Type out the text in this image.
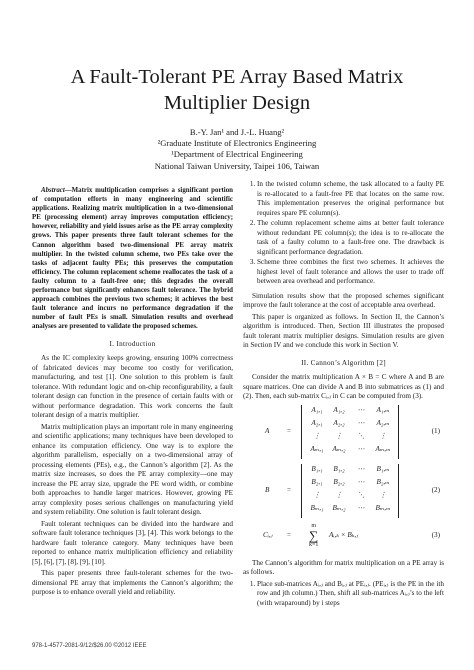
A Fault-Tolerant PE Array Based Matrix Multiplier Design
B.-Y. Jan¹ and J.-L. Huang²
²Graduate Institute of Electronics Engineering
¹Department of Electrical Engineering
National Taiwan University, Taipei 106, Taiwan

Abstract—Matrix multiplication comprises a significant portion of computation efforts in many engineering and scientific applications. Realizing matrix multiplication in a two-dimensional PE (processing element) array improves computation efficiency; however, reliability and yield issues arise as the PE array complexity grows. This paper presents three fault tolerant schemes for the Cannon algorithm based two-dimensional PE array matrix multiplier. In the twisted column scheme, two PEs take over the tasks of adjacent faulty PEs; this preserves the computation efficiency. The column replacement scheme reallocates the task of a faulty column to a fault-free one; this degrades the overall performance but significantly enhances fault tolerance. The hybrid approach combines the previous two schemes; it achieves the best fault tolerance and incurs no performance degradation if the number of fault PEs is small. Simulation results and overhead analyses are presented to validate the proposed schemes.

I. Introduction

As the IC complexity keeps growing, ensuring 100% correctness of fabricated devices may become too costly for verification, manufacturing, and test [1]. One solution to this problem is fault tolerance. With redundant logic and on-chip reconfigurability, a fault tolerant design can function in the presence of certain faults with or without performance degradation. This work concerns the fault tolerant design of a matrix multiplier.

Matrix multiplication plays an important role in many engineering and scientific applications; many techniques have been developed to enhance its computation efficiency. One way is to explore the algorithm parallelism, especially on a two-dimensional array of processing elements (PEs), e.g., the Cannon’s algorithm [2]. As the matrix size increases, so does the PE array complexity—one may increase the PE array size, upgrade the PE word width, or combine both approaches to handle larger matrices. However, growing PE array complexity poses serious challenges on manufacturing yield and system reliability. One solution is fault tolerant design.

Fault tolerant techniques can be divided into the hardware and software fault tolerance techniques [3], [4]. This work belongs to the hardware fault tolerance category. Many techniques have been reported to enhance matrix multiplication efficiency and reliability [5], [6], [7], [8], [9], [10].

This paper presents three fault-tolerant schemes for the two-dimensional PE array that implements the Cannon’s algorithm; the purpose is to enhance overall yield and reliability.

1. In the twisted column scheme, the task allocated to a faulty PE is re-allocated to a fault-free PE that locates on the same row. This implementation preserves the original performance but requires spare PE column(s).
2. The column replacement scheme aims at better fault tolerance without redundant PE column(s); the idea is to re-allocate the task of a faulty column to a fault-free one. The drawback is significant performance degradation.
3. Scheme three combines the first two schemes. It achieves the highest level of fault tolerance and allows the user to trade off between area overhead and performance.

Simulation results show that the proposed schemes significant improve the fault tolerance at the cost of acceptable area overhead.

This paper is organized as follows. In Section II, the Cannon’s algorithm is introduced. Then, Section III illustrates the proposed fault tolerant matrix multiplier designs. Simulation results are given in Section IV and we conclude this work in Section V.

II. Cannon’s Algorithm [2]

Consider the matrix multiplication A × B = C where A and B are square matrices. One can divide A and B into submatrices as (1) and (2). Then, each sub-matrix Cᵢ,ⱼ in C can be computed from (3).

A =
A₁,₁	A₁,₂	⋯	A₁,ₘ
A₂,₁	A₂,₂	⋯	A₂,ₘ
⋮	⋮	⋱	⋮
Aₘ,₁	Aₘ,₂	⋯	Aₘ,ₘ
(1)
B =
B₁,₁	B₁,₂	⋯	B₁,ₘ
B₂,₁	B₂,₂	⋯	B₂,ₘ
⋮	⋮	⋱	⋮
Bₘ,₁	Bₘ,₂	⋯	Bₘ,ₘ
(2)
Cᵢ,ⱼ =
m
∑
k=1
Aᵢ,ₖ × Bₖ,ⱼ	(3)

The Cannon’s algorithm for matrix multiplication on a PE array is as follows.

1. Place sub-matrices Aᵢ,ⱼ and Bᵢ,ⱼ at PEᵢ,ⱼ. (PEᵢ,ⱼ is the PE in the ith row and jth column.) Then, shift all sub-matrices Aᵢ,ⱼ’s to the left (with wraparound) by i steps
978-1-4577-2081-9/12/$26.00 ©2012 IEEE
